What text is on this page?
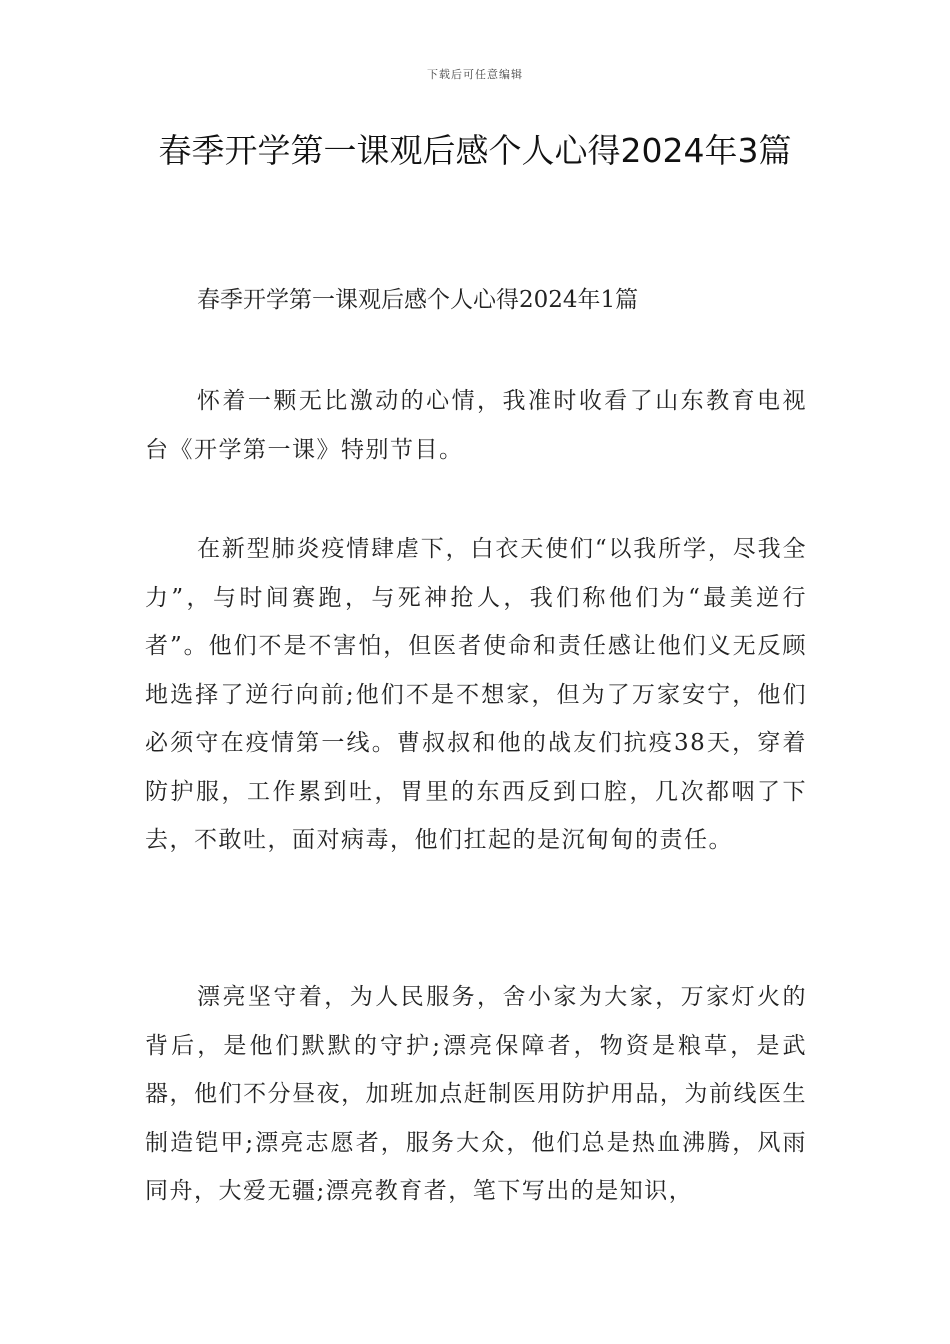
下载后可任意编辑
春季开学第一课观后感个人心得2024年3篇
春季开学第一课观后感个人心得2024年1篇

怀着一颗无比激动的心情，我准时收看了山东教育电视台《开学第一课》特别节目。

在新型肺炎疫情肆虐下，白衣天使们“以我所学，尽我全力”，与时间赛跑，与死神抢人，我们称他们为“最美逆行者”。他们不是不害怕，但医者使命和责任感让他们义无反顾地选择了逆行向前;他们不是不想家，但为了万家安宁，他们必须守在疫情第一线。曹叔叔和他的战友们抗疫38天，穿着防护服，工作累到吐，胃里的东西反到口腔，几次都咽了下去，不敢吐，面对病毒，他们扛起的是沉甸甸的责任。

漂亮坚守着，为人民服务，舍小家为大家，万家灯火的背后，是他们默默的守护;漂亮保障者，物资是粮草，是武器，他们不分昼夜，加班加点赶制医用防护用品，为前线医生制造铠甲;漂亮志愿者，服务大众，他们总是热血沸腾，风雨同舟，大爱无疆;漂亮教育者，笔下写出的是知识，
